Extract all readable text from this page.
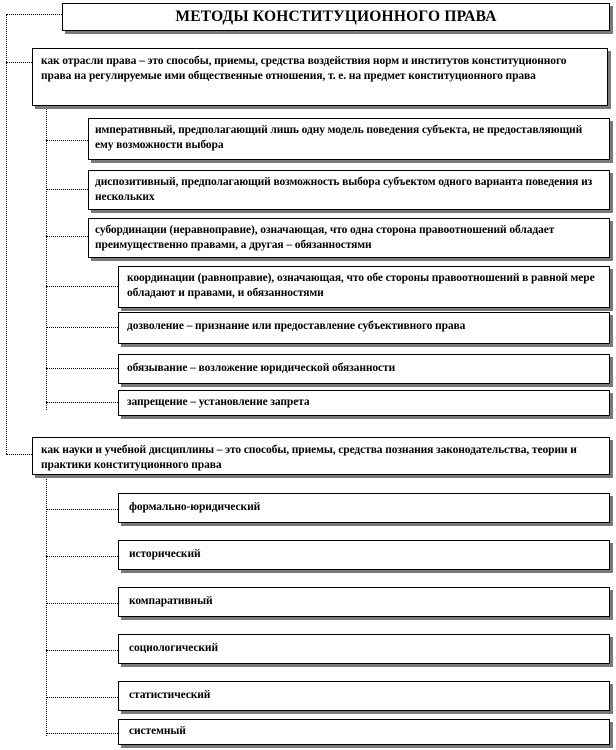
МЕТОДЫ КОНСТИТУЦИОННОГО ПРАВА
как отрасли права – это способы, приемы, средства воздействия норм и институтов конституционного права на регулируемые ими общественные отношения, т. е. на предмет конституционного права
императивный, предполагающий лишь одну модель поведения субъекта, не предоставляющий ему возможности выбора
диспозитивный, предполагающий возможность выбора субъектом одного варианта поведения из нескольких
субординации (неравноправие), означающая, что одна сторона правоотношений обладает преимущественно правами, а другая – обязанностями
координации (равноправие), означающая, что обе стороны правоотношений в равной мере обладают и правами, и обязанностями
дозволение – признание или предоставление субъективного права
обязывание – возложение юридической обязанности
запрещение – установление запрета
как науки и учебной дисциплины – это способы, приемы, средства познания законодательства, теории и практики конституционного права
формально-юридический
исторический
компаративный
социологический
статистический
системный
